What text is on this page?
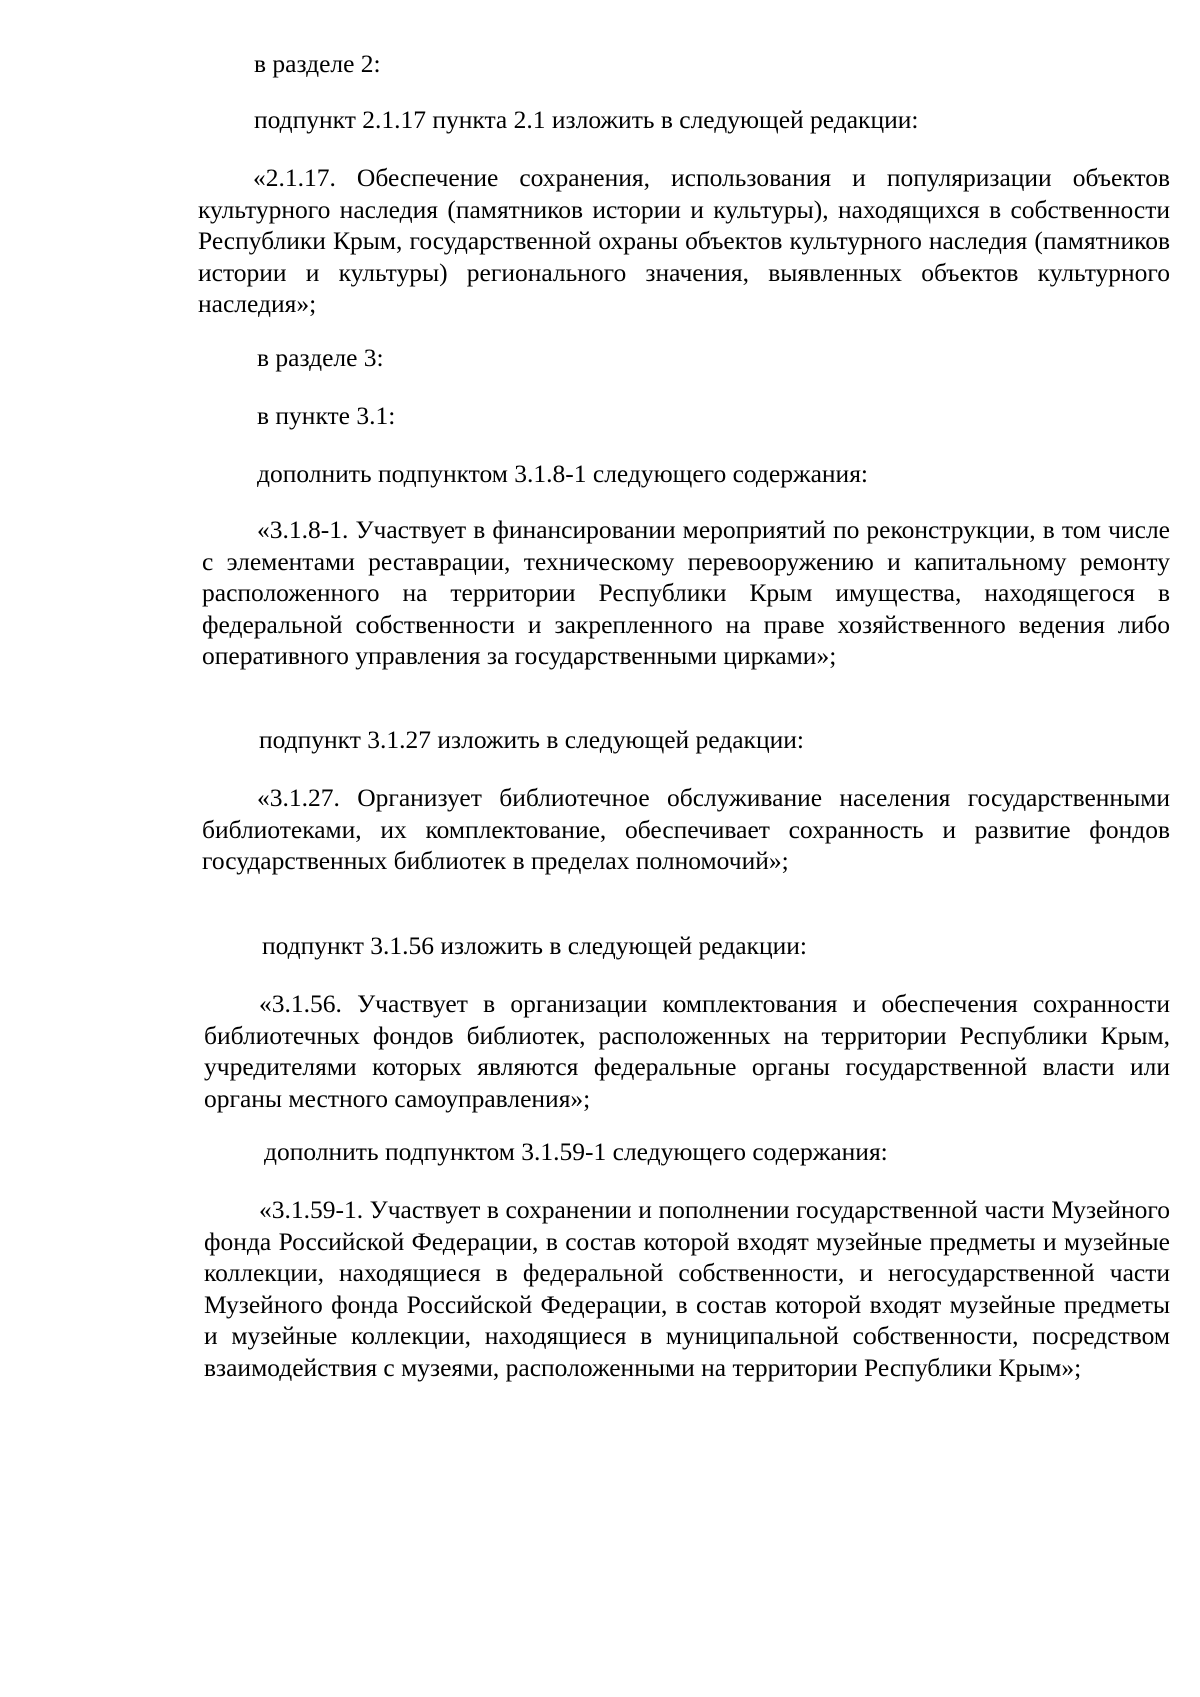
в разделе 2:
подпункт 2.1.17 пункта 2.1 изложить в следующей редакции:
«2.1.17. Обеспечение сохранения, использования и популяризации объектов культурного наследия (памятников истории и культуры), находящихся в собственности Республики Крым, государственной охраны объектов культурного наследия (памятников истории и культуры) регионального значения, выявленных объектов культурного наследия»;
в разделе 3:
в пункте 3.1:
дополнить подпунктом 3.1.8-1 следующего содержания:
«3.1.8-1. Участвует в финансировании мероприятий по реконструкции, в том числе с элементами реставрации, техническому перевооружению и капитальному ремонту расположенного на территории Республики Крым имущества, находящегося в федеральной собственности и закрепленного на праве хозяйственного ведения либо оперативного управления за государственными цирками»;
подпункт 3.1.27 изложить в следующей редакции:
«3.1.27. Организует библиотечное обслуживание населения государственными библиотеками, их комплектование, обеспечивает сохранность и развитие фондов государственных библиотек в пределах полномочий»;
подпункт 3.1.56 изложить в следующей редакции:
«3.1.56. Участвует в организации комплектования и обеспечения сохранности библиотечных фондов библиотек, расположенных на территории Республики Крым, учредителями которых являются федеральные органы государственной власти или органы местного самоуправления»;
дополнить подпунктом 3.1.59-1 следующего содержания:
«3.1.59-1. Участвует в сохранении и пополнении государственной части Музейного фонда Российской Федерации, в состав которой входят музейные предметы и музейные коллекции, находящиеся в федеральной собственности, и негосударственной части Музейного фонда Российской Федерации, в состав которой входят музейные предметы и музейные коллекции, находящиеся в муниципальной собственности, посредством взаимодействия с музеями, расположенными на территории Республики Крым»;
